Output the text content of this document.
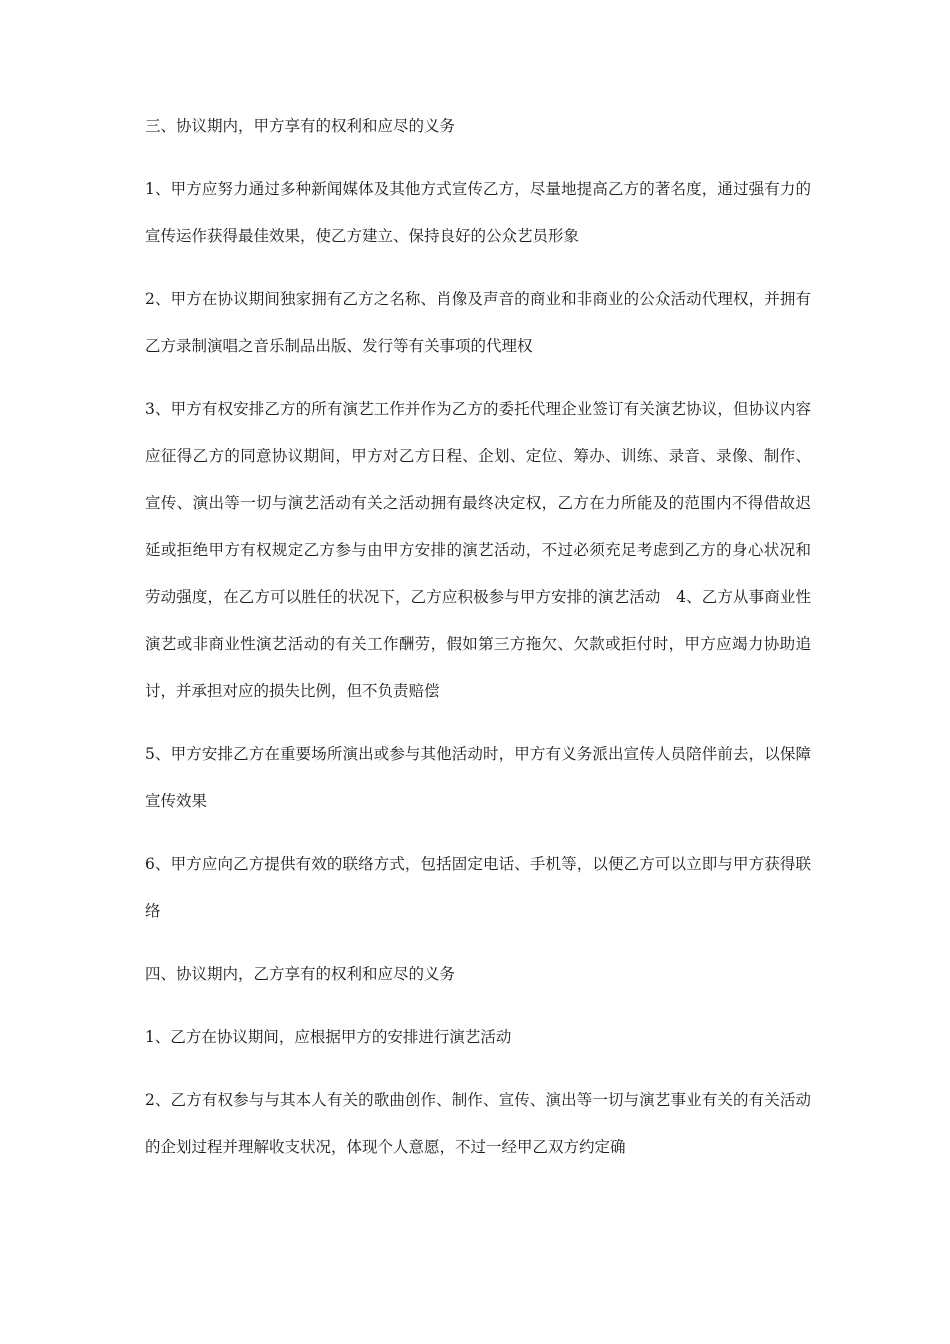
三、协议期内，甲方享有的权利和应尽的义务

1、甲方应努力通过多种新闻媒体及其他方式宣传乙方，尽量地提高乙方的著名度，通过强有力的宣传运作获得最佳效果，使乙方建立、保持良好的公众艺员形象

2、甲方在协议期间独家拥有乙方之名称、肖像及声音的商业和非商业的公众活动代理权，并拥有乙方录制演唱之音乐制品出版、发行等有关事项的代理权

3、甲方有权安排乙方的所有演艺工作并作为乙方的委托代理企业签订有关演艺协议，但协议内容应征得乙方的同意协议期间，甲方对乙方日程、企划、定位、筹办、训练、录音、录像、制作、宣传、演出等一切与演艺活动有关之活动拥有最终决定权，乙方在力所能及的范围内不得借故迟延或拒绝甲方有权规定乙方参与由甲方安排的演艺活动，不过必须充足考虑到乙方的身心状况和劳动强度，在乙方可以胜任的状况下，乙方应积极参与甲方安排的演艺活动　4、乙方从事商业性演艺或非商业性演艺活动的有关工作酬劳，假如第三方拖欠、欠款或拒付时，甲方应竭力协助追讨，并承担对应的损失比例，但不负责赔偿

5、甲方安排乙方在重要场所演出或参与其他活动时，甲方有义务派出宣传人员陪伴前去，以保障宣传效果

6、甲方应向乙方提供有效的联络方式，包括固定电话、手机等，以便乙方可以立即与甲方获得联络

四、协议期内，乙方享有的权利和应尽的义务

1、乙方在协议期间，应根据甲方的安排进行演艺活动

2、乙方有权参与与其本人有关的歌曲创作、制作、宣传、演出等一切与演艺事业有关的有关活动的企划过程并理解收支状况，体现个人意愿，不过一经甲乙双方约定确
